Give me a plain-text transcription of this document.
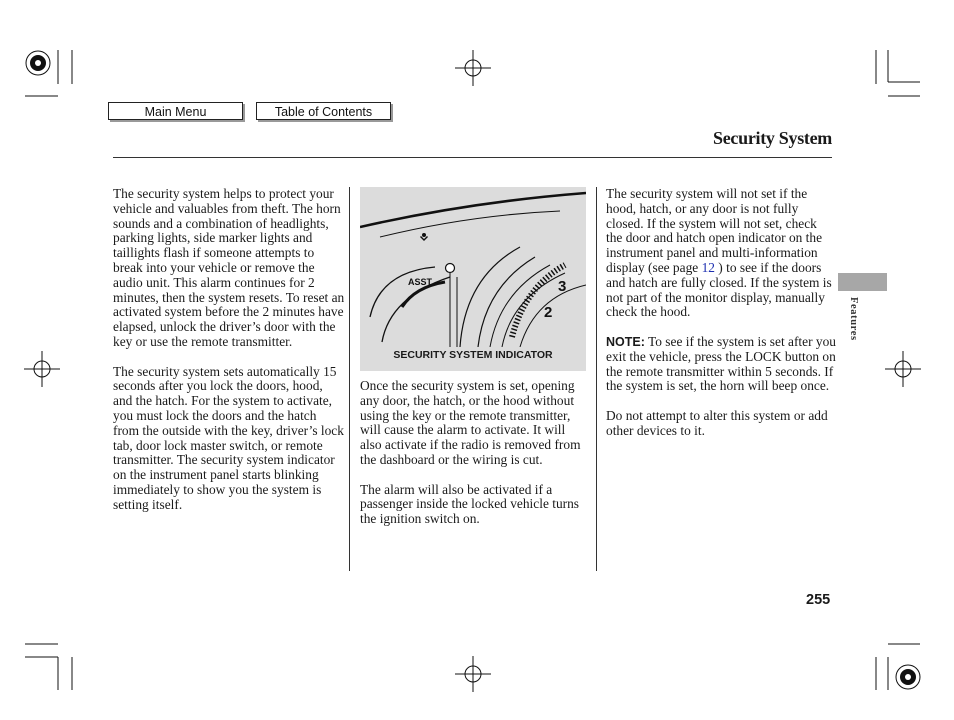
Main Menu	Table of Contents
Security System
Features

The security system helps to protect your vehicle and valuables from theft. The horn sounds and a combination of headlights, parking lights, side marker lights and taillights flash if someone attempts to break into your vehicle or remove the audio unit. This alarm continues for 2 minutes, then the system resets. To reset an activated system before the 2 minutes have elapsed, unlock the driver’s door with the key or use the remote transmitter.

The security system sets automatically 15 seconds after you lock the doors, hood, and the hatch. For the system to activate, you must lock the doors and the hatch from the outside with the key, driver’s lock tab, door lock master switch, or remote transmitter. The security system indicator on the instrument panel starts blinking immediately to show you the system is setting itself.

ASST	3
2
SECURITY SYSTEM INDICATOR

Once the security system is set, opening any door, the hatch, or the hood without using the key or the remote transmitter, will cause the alarm to activate. It will also activate if the radio is removed from the dashboard or the wiring is cut.

The alarm will also be activated if a passenger inside the locked vehicle turns the ignition switch on.

The security system will not set if the hood, hatch, or any door is not fully closed. If the system will not set, check the door and hatch open indicator on the instrument panel and multi-information display (see page 12 ) to see if the doors and hatch are fully closed. If the system is not part of the monitor display, manually check the hood.

NOTE: To see if the system is set after you exit the vehicle, press the LOCK button on the remote transmitter within 5 seconds. If the system is set, the horn will beep once.

Do not attempt to alter this system or add other devices to it.

255
